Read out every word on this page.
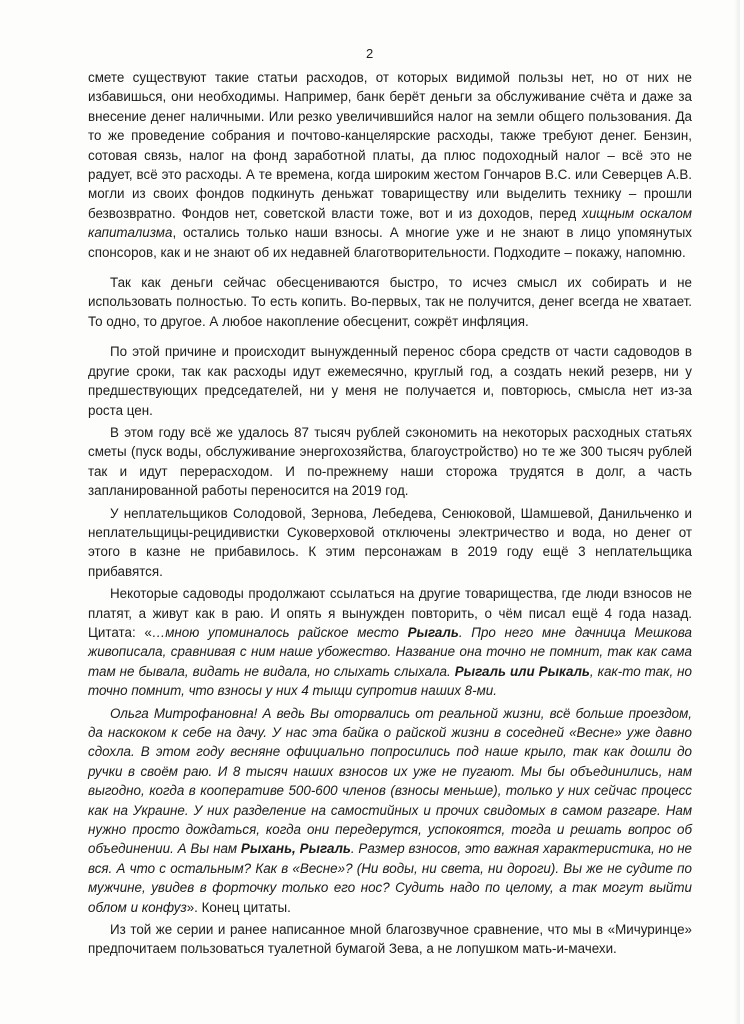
2

смете существуют такие статьи расходов, от которых видимой пользы нет, но от них не избавишься, они необходимы. Например, банк берёт деньги за обслуживание счёта и даже за внесение денег наличными. Или резко увеличившийся налог на земли общего пользования. Да то же проведение собрания и почтово-канцелярские расходы, также требуют денег. Бензин, сотовая связь, налог на фонд заработной платы, да плюс подоходный налог – всё это не радует, всё это расходы. А те времена, когда широким жестом Гончаров В.С. или Северцев А.В. могли из своих фондов подкинуть деньжат товариществу или выделить технику – прошли безвозвратно. Фондов нет, советской власти тоже, вот и из доходов, перед хищным оскалом капитализма, остались только наши взносы. А многие уже и не знают в лицо упомянутых спонсоров, как и не знают об их недавней благотворительности. Подходите – покажу, напомню.

Так как деньги сейчас обесцениваются быстро, то исчез смысл их собирать и не использовать полностью. То есть копить. Во-первых, так не получится, денег всегда не хватает. То одно, то другое. А любое накопление обесценит, сожрёт инфляция.

По этой причине и происходит вынужденный перенос сбора средств от части садоводов в другие сроки, так как расходы идут ежемесячно, круглый год, а создать некий резерв, ни у предшествующих председателей, ни у меня не получается и, повторюсь, смысла нет из-за роста цен.

В этом году всё же удалось 87 тысяч рублей сэкономить на некоторых расходных статьях сметы (пуск воды, обслуживание энергохозяйства, благоустройство) но те же 300 тысяч рублей так и идут перерасходом. И по-прежнему наши сторожа трудятся в долг, а часть запланированной работы переносится на 2019 год.

У неплательщиков Солодовой, Зернова, Лебедева, Сенюковой, Шамшевой, Данильченко и неплательщицы-рецидивистки Суковерховой отключены электричество и вода, но денег от этого в казне не прибавилось. К этим персонажам в 2019 году ещё 3 неплательщика прибавятся.

Некоторые садоводы продолжают ссылаться на другие товарищества, где люди взносов не платят, а живут как в раю. И опять я вынужден повторить, о чём писал ещё 4 года назад. Цитата: «…мною упоминалось райское место Рыгаль. Про него мне дачница Мешкова живописала, сравнивая с ним наше убожество. Название она точно не помнит, так как сама там не бывала, видать не видала, но слыхать слыхала. Рыгаль или Рыкаль, как-то так, но точно помнит, что взносы у них 4 тыщи супротив наших 8-ми.

Ольга Митрофановна! А ведь Вы оторвались от реальной жизни, всё больше проездом, да наскоком к себе на дачу. У нас эта байка о райской жизни в соседней «Весне» уже давно сдохла. В этом году весняне официально попросились под наше крыло, так как дошли до ручки в своём раю. И 8 тысяч наших взносов их уже не пугают. Мы бы объединились, нам выгодно, когда в кооперативе 500-600 членов (взносы меньше), только у них сейчас процесс как на Украине. У них разделение на самостийных и прочих свидомых в самом разгаре. Нам нужно просто дождаться, когда они передерутся, успокоятся, тогда и решать вопрос об объединении. А Вы нам Рыхань, Рыгаль. Размер взносов, это важная характеристика, но не вся. А что с остальным? Как в «Весне»? (Ни воды, ни света, ни дороги). Вы же не судите по мужчине, увидев в форточку только его нос? Судить надо по целому, а так могут выйти облом и конфуз». Конец цитаты.

Из той же серии и ранее написанное мной благозвучное сравнение, что мы в «Мичуринце» предпочитаем пользоваться туалетной бумагой Зева, а не лопушком мать-и-мачехи.
